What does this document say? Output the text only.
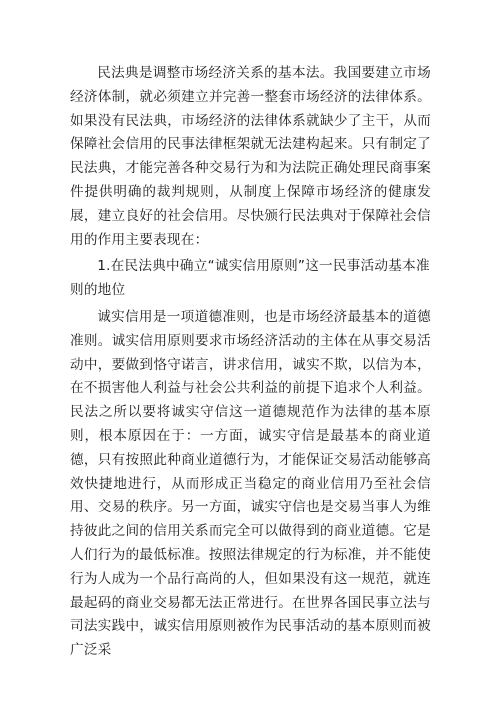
民法典是调整市场经济关系的基本法。我国要建立市场经济体制，就必须建立并完善一整套市场经济的法律体系。如果没有民法典，市场经济的法律体系就缺少了主干，从而保障社会信用的民事法律框架就无法建构起来。只有制定了民法典，才能完善各种交易行为和为法院正确处理民商事案件提供明确的裁判规则，从制度上保障市场经济的健康发展，建立良好的社会信用。尽快颁行民法典对于保障社会信用的作用主要表现在：

1.在民法典中确立“诚实信用原则”这一民事活动基本准则的地位

诚实信用是一项道德准则，也是市场经济最基本的道德准则。诚实信用原则要求市场经济活动的主体在从事交易活动中，要做到恪守诺言，讲求信用，诚实不欺，以信为本，在不损害他人利益与社会公共利益的前提下追求个人利益。民法之所以要将诚实守信这一道德规范作为法律的基本原则，根本原因在于：一方面，诚实守信是最基本的商业道德，只有按照此种商业道德行为，才能保证交易活动能够高效快捷地进行，从而形成正当稳定的商业信用乃至社会信用、交易的秩序。另一方面，诚实守信也是交易当事人为维持彼此之间的信用关系而完全可以做得到的商业道德。它是人们行为的最低标准。按照法律规定的行为标准，并不能使行为人成为一个品行高尚的人，但如果没有这一规范，就连最起码的商业交易都无法正常进行。在世界各国民事立法与司法实践中，诚实信用原则被作为民事活动的基本原则而被广泛采
